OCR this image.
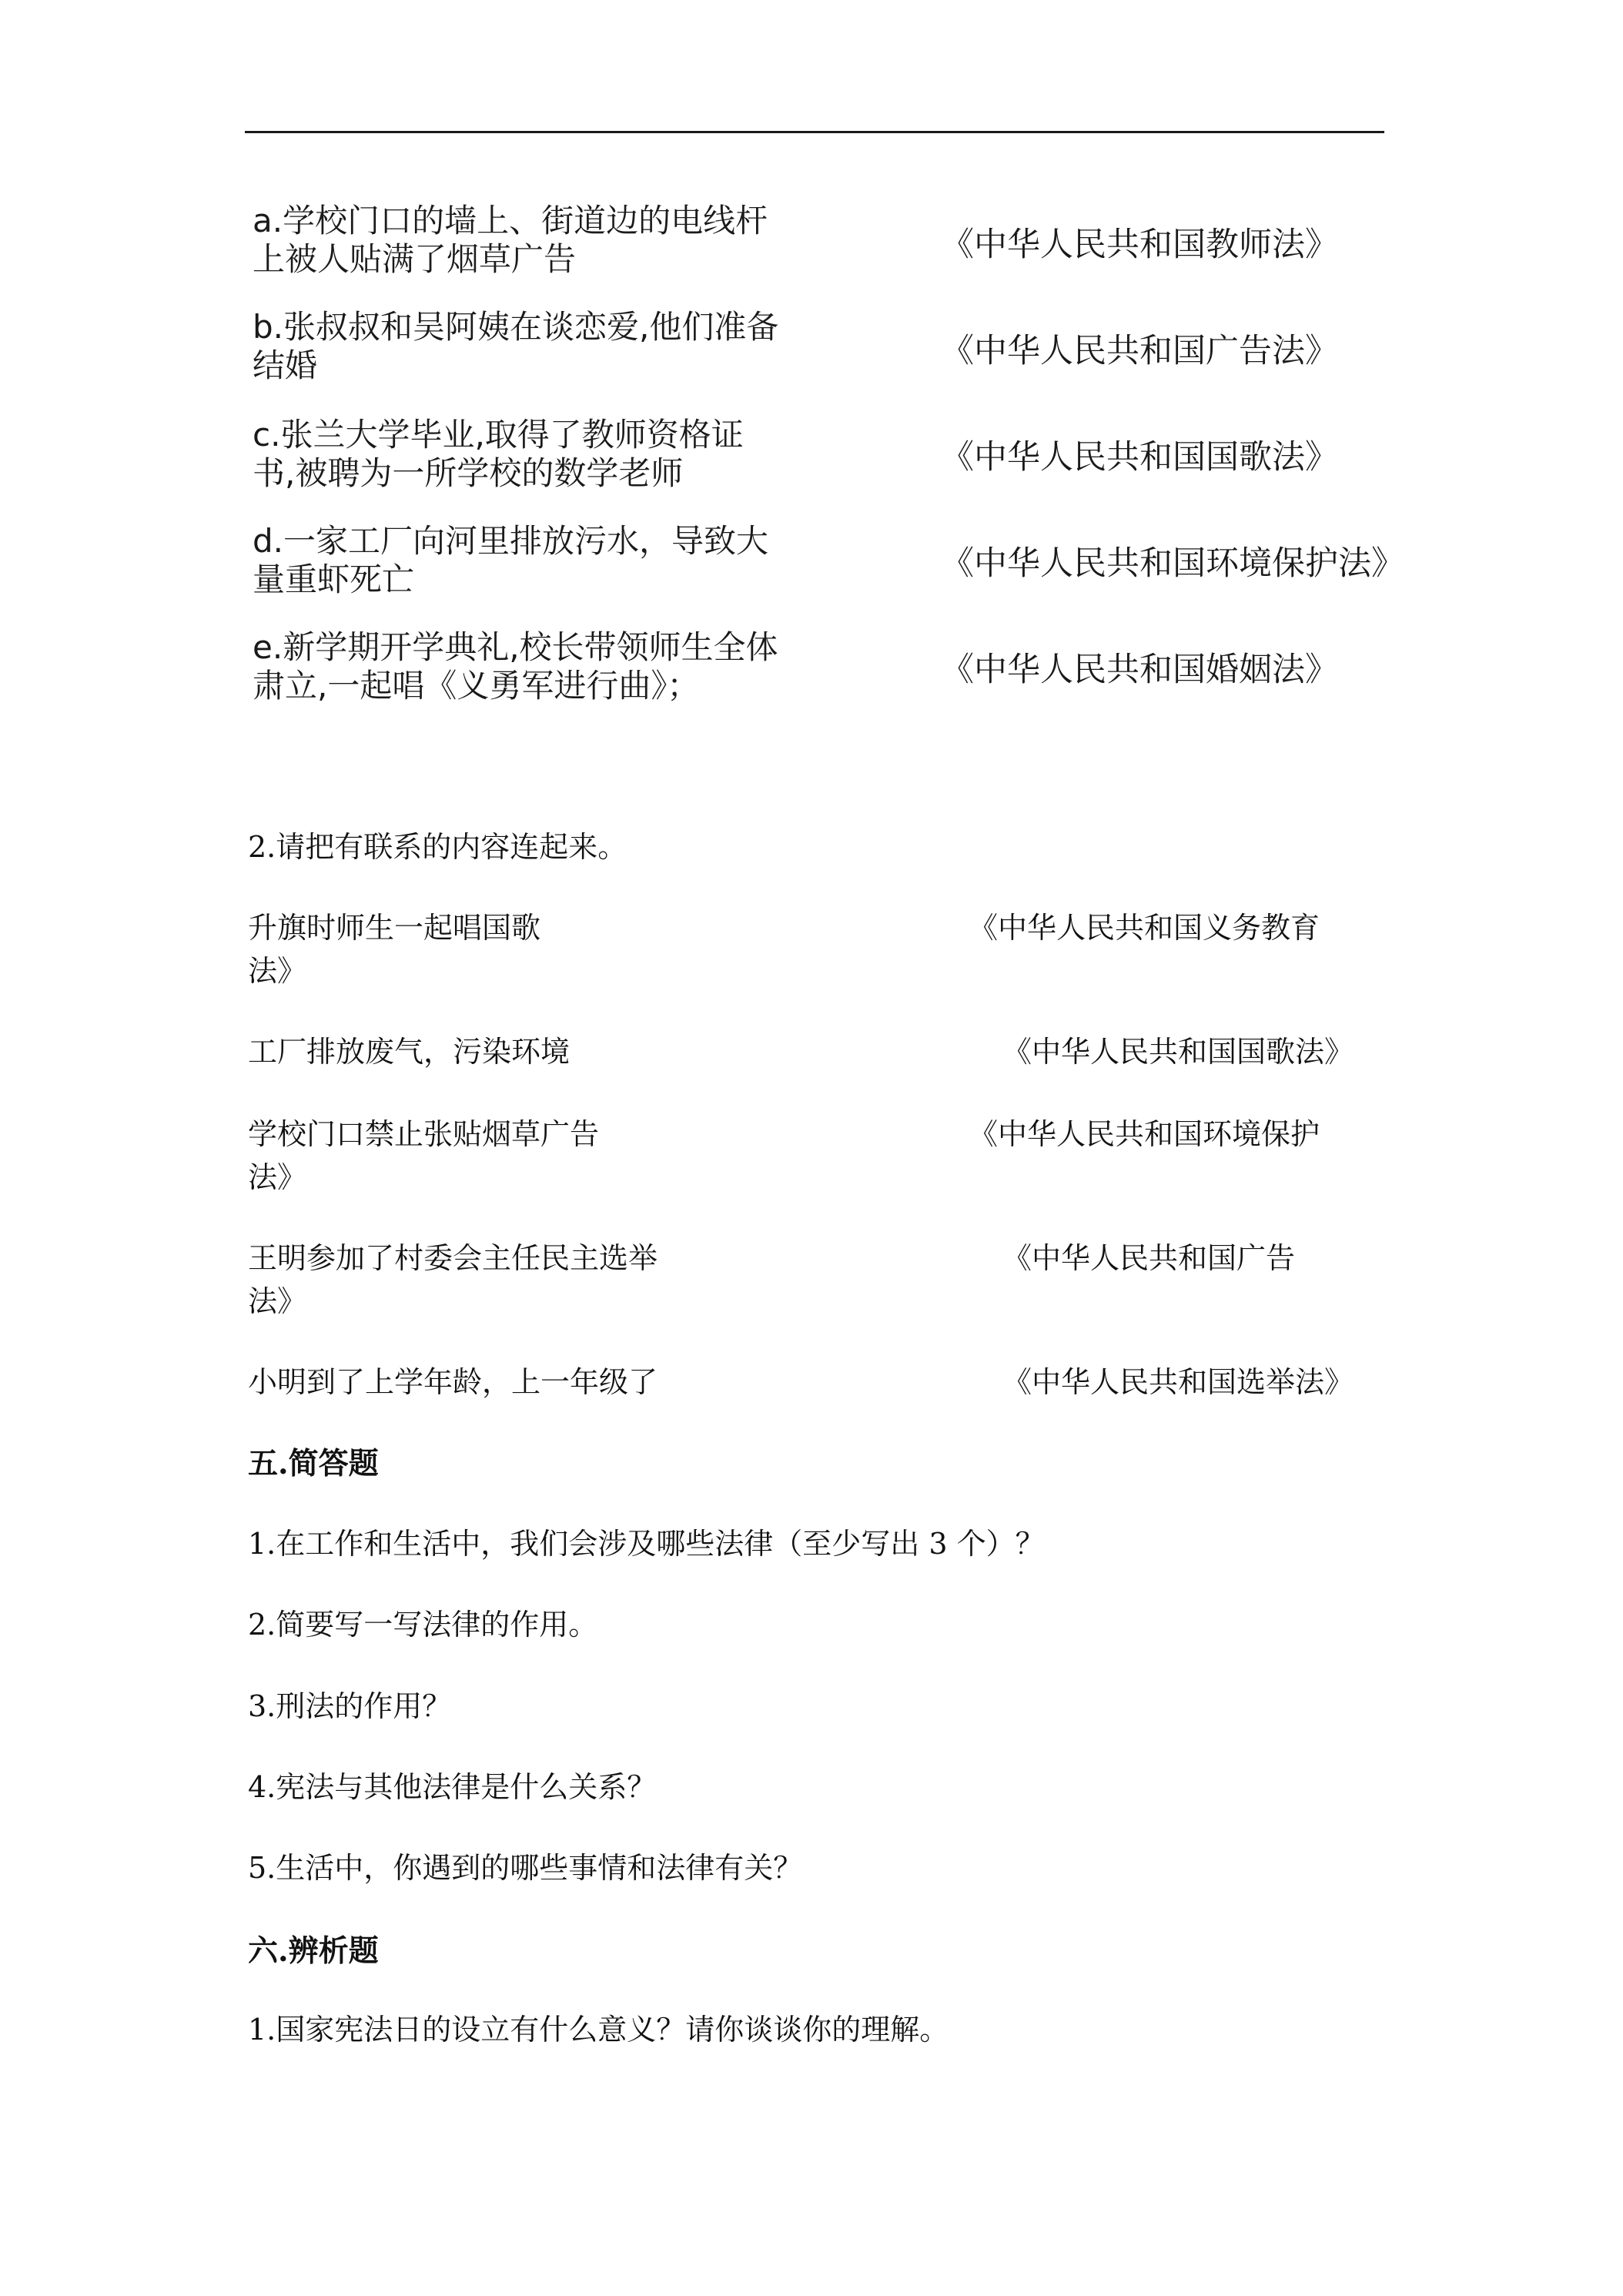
a.学校门口的墙上、街道边的电线杆
上被人贴满了烟草广告	《中华人民共和国教师法》
b.张叔叔和吴阿姨在谈恋爱,他们准备
结婚	《中华人民共和国广告法》
c.张兰大学毕业,取得了教师资格证
书,被聘为一所学校的数学老师	《中华人民共和国国歌法》
d.一家工厂向河里排放污水，导致大
量重虾死亡	《中华人民共和国环境保护法》
e.新学期开学典礼,校长带领师生全体
肃立,一起唱《义勇军进行曲》；	《中华人民共和国婚姻法》
2.请把有联系的内容连起来。
升旗时师生一起唱国歌	《中华人民共和国义务教育
法》
工厂排放废气，污染环境	《中华人民共和国国歌法》
学校门口禁止张贴烟草广告	《中华人民共和国环境保护
法》
王明参加了村委会主任民主选举	《中华人民共和国广告
法》
小明到了上学年龄，上一年级了	《中华人民共和国选举法》
五.简答题
1.在工作和生活中，我们会涉及哪些法律（至少写出 3 个）？
2.简要写一写法律的作用。
3.刑法的作用？
4.宪法与其他法律是什么关系？
5.生活中，你遇到的哪些事情和法律有关？
六.辨析题
1.国家宪法日的设立有什么意义？请你谈谈你的理解。
